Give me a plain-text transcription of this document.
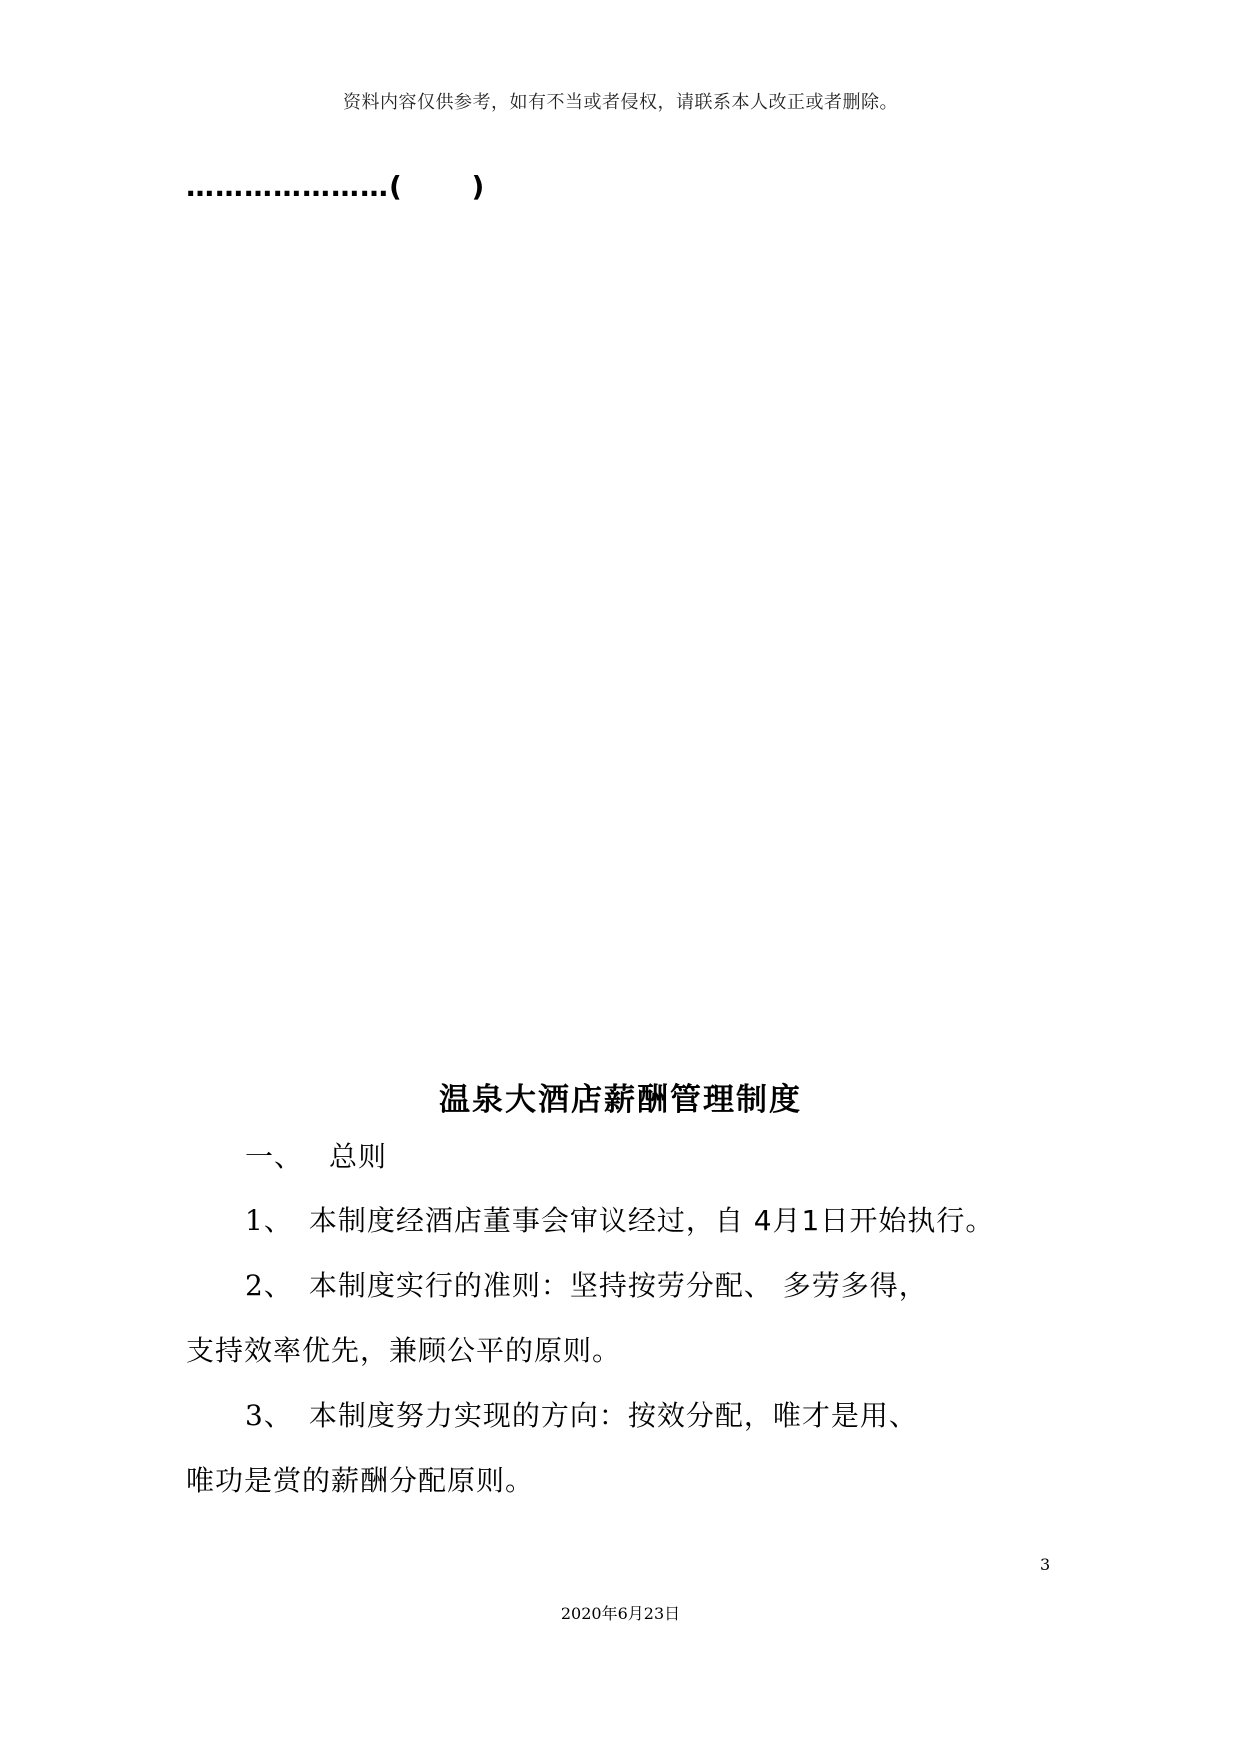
资料内容仅供参考，如有不当或者侵权，请联系本人改正或者删除。
…………………(　　 )
温泉大酒店薪酬管理制度
一、 总则
1、 本制度经酒店董事会审议经过，自 4月1日开始执行。
2、 本制度实行的准则：坚持按劳分配、 多劳多得，
支持效率优先，兼顾公平的原则。
3、 本制度努力实现的方向：按效分配，唯才是用、
唯功是赏的薪酬分配原则。
3
2020年6月23日
